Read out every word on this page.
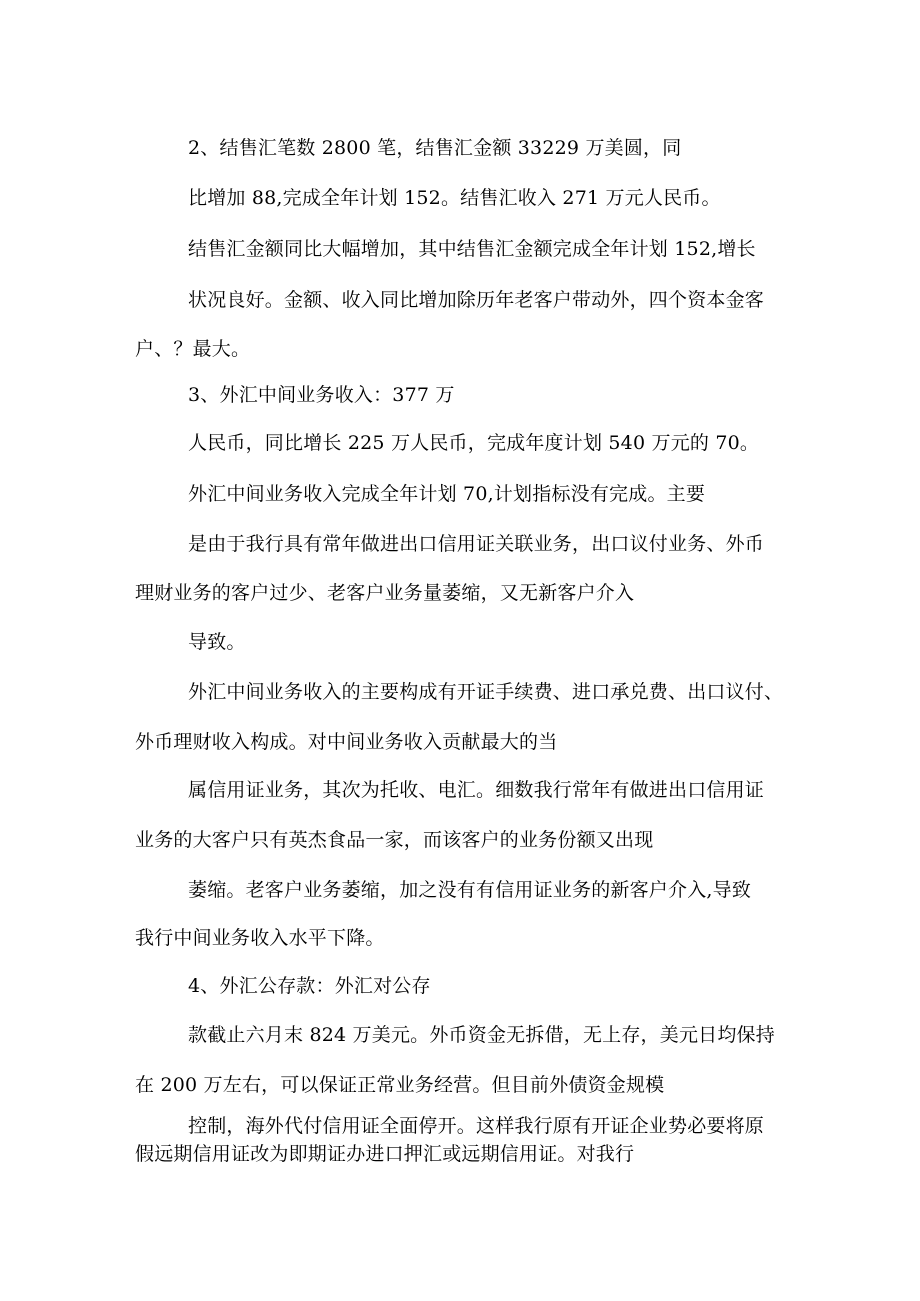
2、结售汇笔数 2800 笔，结售汇金额 33229 万美圆，同

比增加 88,完成全年计划 152。结售汇收入 271 万元人民币。

结售汇金额同比大幅增加，其中结售汇金额完成全年计划 152,增长

状况良好。金额、收入同比增加除历年老客户带动外，四个资本金客

户、？最大。

3、外汇中间业务收入：377 万

人民币，同比增长 225 万人民币，完成年度计划 540 万元的 70。

外汇中间业务收入完成全年计划 70,计划指标没有完成。主要

是由于我行具有常年做进出口信用证关联业务，出口议付业务、外币

理财业务的客户过少、老客户业务量萎缩，又无新客户介入

导致。

外汇中间业务收入的主要构成有开证手续费、进口承兑费、出口议付、

外币理财收入构成。对中间业务收入贡献最大的当

属信用证业务，其次为托收、电汇。细数我行常年有做进出口信用证

业务的大客户只有英杰食品一家，而该客户的业务份额又出现

萎缩。老客户业务萎缩，加之没有有信用证业务的新客户介入,导致

我行中间业务收入水平下降。

4、外汇公存款：外汇对公存

款截止六月末 824 万美元。外币资金无拆借，无上存，美元日均保持

在 200 万左右，可以保证正常业务经营。但目前外债资金规模

控制，海外代付信用证全面停开。这样我行原有开证企业势必要将原

假远期信用证改为即期证办进口押汇或远期信用证。对我行
